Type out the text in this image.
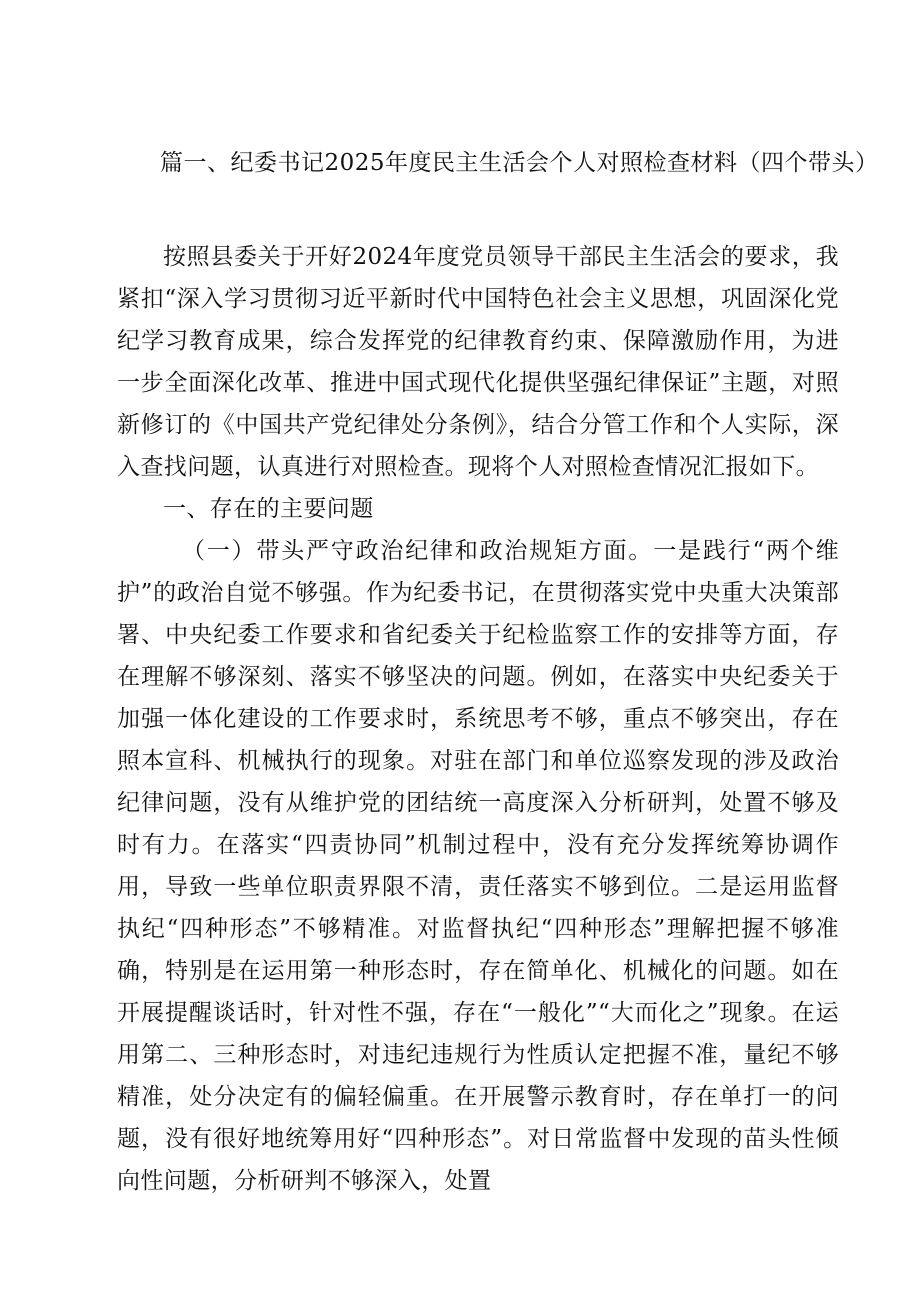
篇一、纪委书记2025年度民主生活会个人对照检查材料（四个带头）

按照县委关于开好2024年度党员领导干部民主生活会的要求，我紧扣“深入学习贯彻习近平新时代中国特色社会主义思想，巩固深化党纪学习教育成果，综合发挥党的纪律教育约束、保障激励作用，为进一步全面深化改革、推进中国式现代化提供坚强纪律保证”主题，对照新修订的《中国共产党纪律处分条例》，结合分管工作和个人实际，深入查找问题，认真进行对照检查。现将个人对照检查情况汇报如下。

一、存在的主要问题

（一）带头严守政治纪律和政治规矩方面。一是践行“两个维护”的政治自觉不够强。作为纪委书记，在贯彻落实党中央重大决策部署、中央纪委工作要求和省纪委关于纪检监察工作的安排等方面，存在理解不够深刻、落实不够坚决的问题。例如，在落实中央纪委关于加强一体化建设的工作要求时，系统思考不够，重点不够突出，存在照本宣科、机械执行的现象。对驻在部门和单位巡察发现的涉及政治纪律问题，没有从维护党的团结统一高度深入分析研判，处置不够及时有力。在落实“四责协同”机制过程中，没有充分发挥统筹协调作用，导致一些单位职责界限不清，责任落实不够到位。二是运用监督执纪“四种形态”不够精准。对监督执纪“四种形态”理解把握不够准确，特别是在运用第一种形态时，存在简单化、机械化的问题。如在开展提醒谈话时，针对性不强，存在“一般化”“大而化之”现象。在运用第二、三种形态时，对违纪违规行为性质认定把握不准，量纪不够精准，处分决定有的偏轻偏重。在开展警示教育时，存在单打一的问题，没有很好地统筹用好“四种形态”。对日常监督中发现的苗头性倾向性问题，分析研判不够深入，处置
